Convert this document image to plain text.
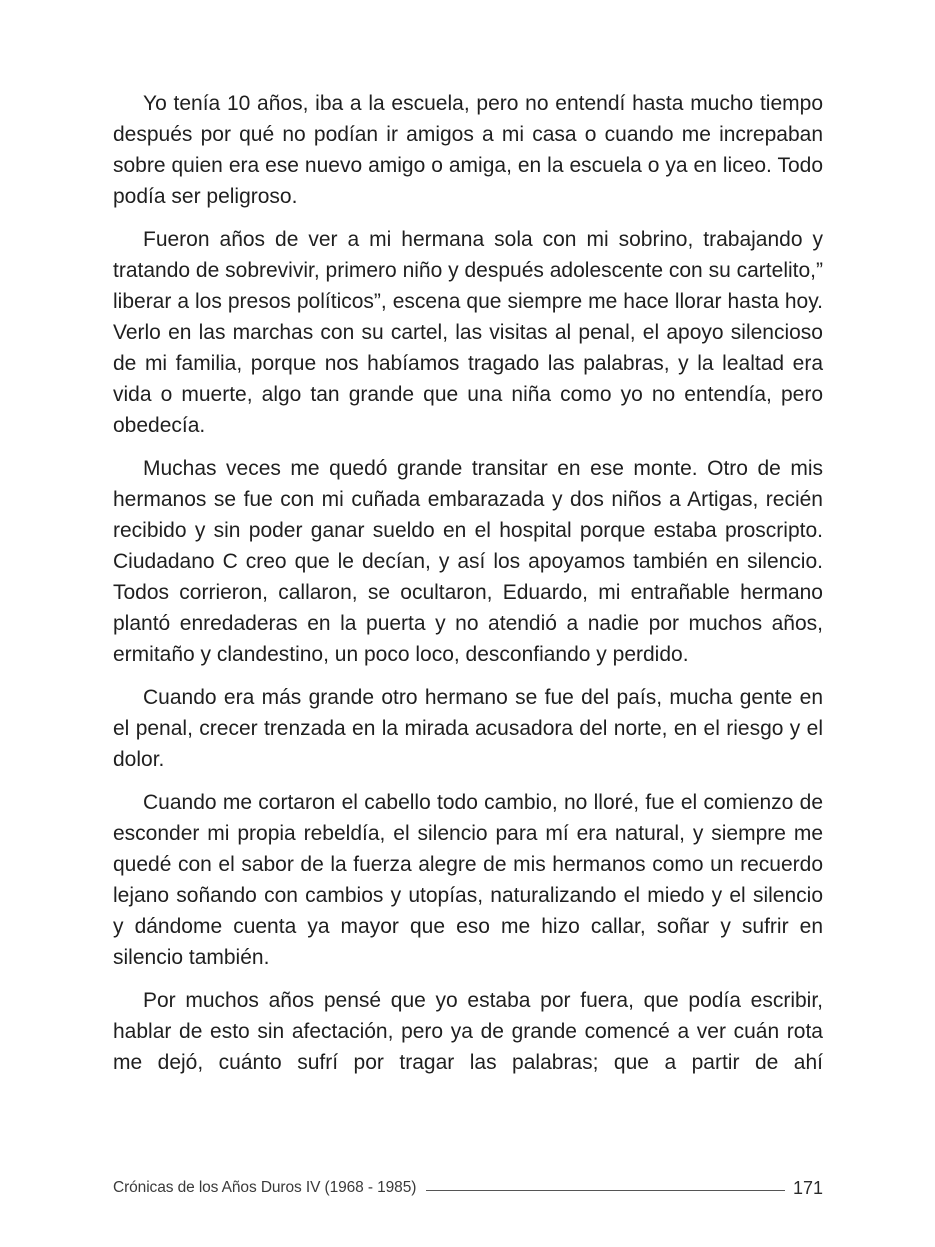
Yo tenía 10 años, iba a la escuela, pero no entendí hasta mucho tiempo después por qué no podían ir amigos a mi casa o cuando me increpaban sobre quien era ese nuevo amigo o amiga, en la escuela o ya en liceo. Todo podía ser peligroso.

Fueron años de ver a mi hermana sola con mi sobrino, trabajando y tratando de sobrevivir, primero niño y después adolescente con su cartelito,” liberar a los presos políticos”, escena que siempre me hace llorar hasta hoy. Verlo en las marchas con su cartel, las visitas al penal, el apoyo silencioso de mi familia, porque nos habíamos tragado las palabras, y la lealtad era vida o muerte, algo tan grande que una niña como yo no entendía, pero obedecía.

Muchas veces me quedó grande transitar en ese monte. Otro de mis hermanos se fue con mi cuñada embarazada y dos niños a Artigas, recién recibido y sin poder ganar sueldo en el hospital porque estaba proscripto. Ciudadano C creo que le decían, y así los apoyamos también en silencio. Todos corrieron, callaron, se ocultaron, Eduardo, mi entrañable hermano plantó enredaderas en la puerta y no atendió a nadie por muchos años, ermitaño y clandestino, un poco loco, desconfiando y perdido.

Cuando era más grande otro hermano se fue del país, mucha gente en el penal, crecer trenzada en la mirada acusadora del norte, en el riesgo y el dolor.

Cuando me cortaron el cabello todo cambio, no lloré, fue el comienzo de esconder mi propia rebeldía, el silencio para mí era natural, y siempre me quedé con el sabor de la fuerza alegre de mis hermanos como un recuerdo lejano soñando con cambios y utopías, naturalizando el miedo y el silencio y dándome cuenta ya mayor que eso me hizo callar, soñar y sufrir en silencio también.

Por muchos años pensé que yo estaba por fuera, que podía escribir, hablar de esto sin afectación, pero ya de grande comencé a ver cuán rota me dejó, cuánto sufrí por tragar las palabras; que a partir de ahí

Crónicas de los Años Duros IV (1968 - 1985)	171
